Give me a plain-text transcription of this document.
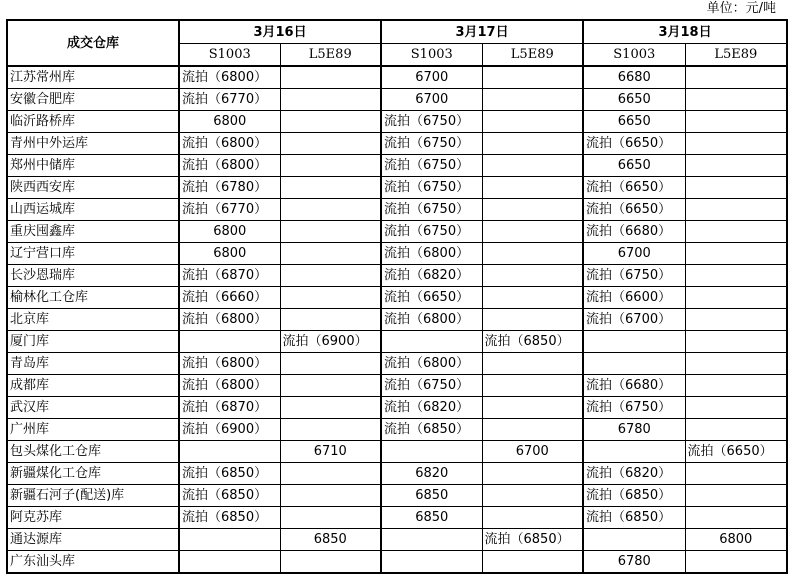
单位：元/吨
成交仓库	3月16日		3月17日		3月18日	
	S1003	L5E89	S1003	L5E89	S1003	L5E89
江苏常州库	流拍（6800）		6700		6680	
安徽合肥库	流拍（6770）		6700		6650	
临沂路桥库	6800		流拍（6750）		6650	
青州中外运库	流拍（6800）		流拍（6750）		流拍（6650）	
郑州中储库	流拍（6800）		流拍（6750）		6650	
陕西西安库	流拍（6780）		流拍（6750）		流拍（6650）	
山西运城库	流拍（6770）		流拍（6750）		流拍（6650）	
重庆囤鑫库	6800		流拍（6750）		流拍（6680）	
辽宁营口库	6800		流拍（6800）		6700	
长沙恩瑞库	流拍（6870）		流拍（6820）		流拍（6750）	
榆林化工仓库	流拍（6660）		流拍（6650）		流拍（6600）	
北京库	流拍（6800）		流拍（6800）		流拍（6700）	
厦门库		流拍（6900）		流拍（6850）		
青岛库	流拍（6800）		流拍（6800）			
成都库	流拍（6800）		流拍（6750）		流拍（6680）	
武汉库	流拍（6870）		流拍（6820）		流拍（6750）	
广州库	流拍（6900）		流拍（6850）		6780	
包头煤化工仓库		6710		6700		流拍（6650）
新疆煤化工仓库	流拍（6850）		6820		流拍（6820）	
新疆石河子(配送)库	流拍（6850）		6850		流拍（6850）	
阿克苏库	流拍（6850）		6850		流拍（6850）	
通达源库		6850		流拍（6850）		6800
广东汕头库					6780	
